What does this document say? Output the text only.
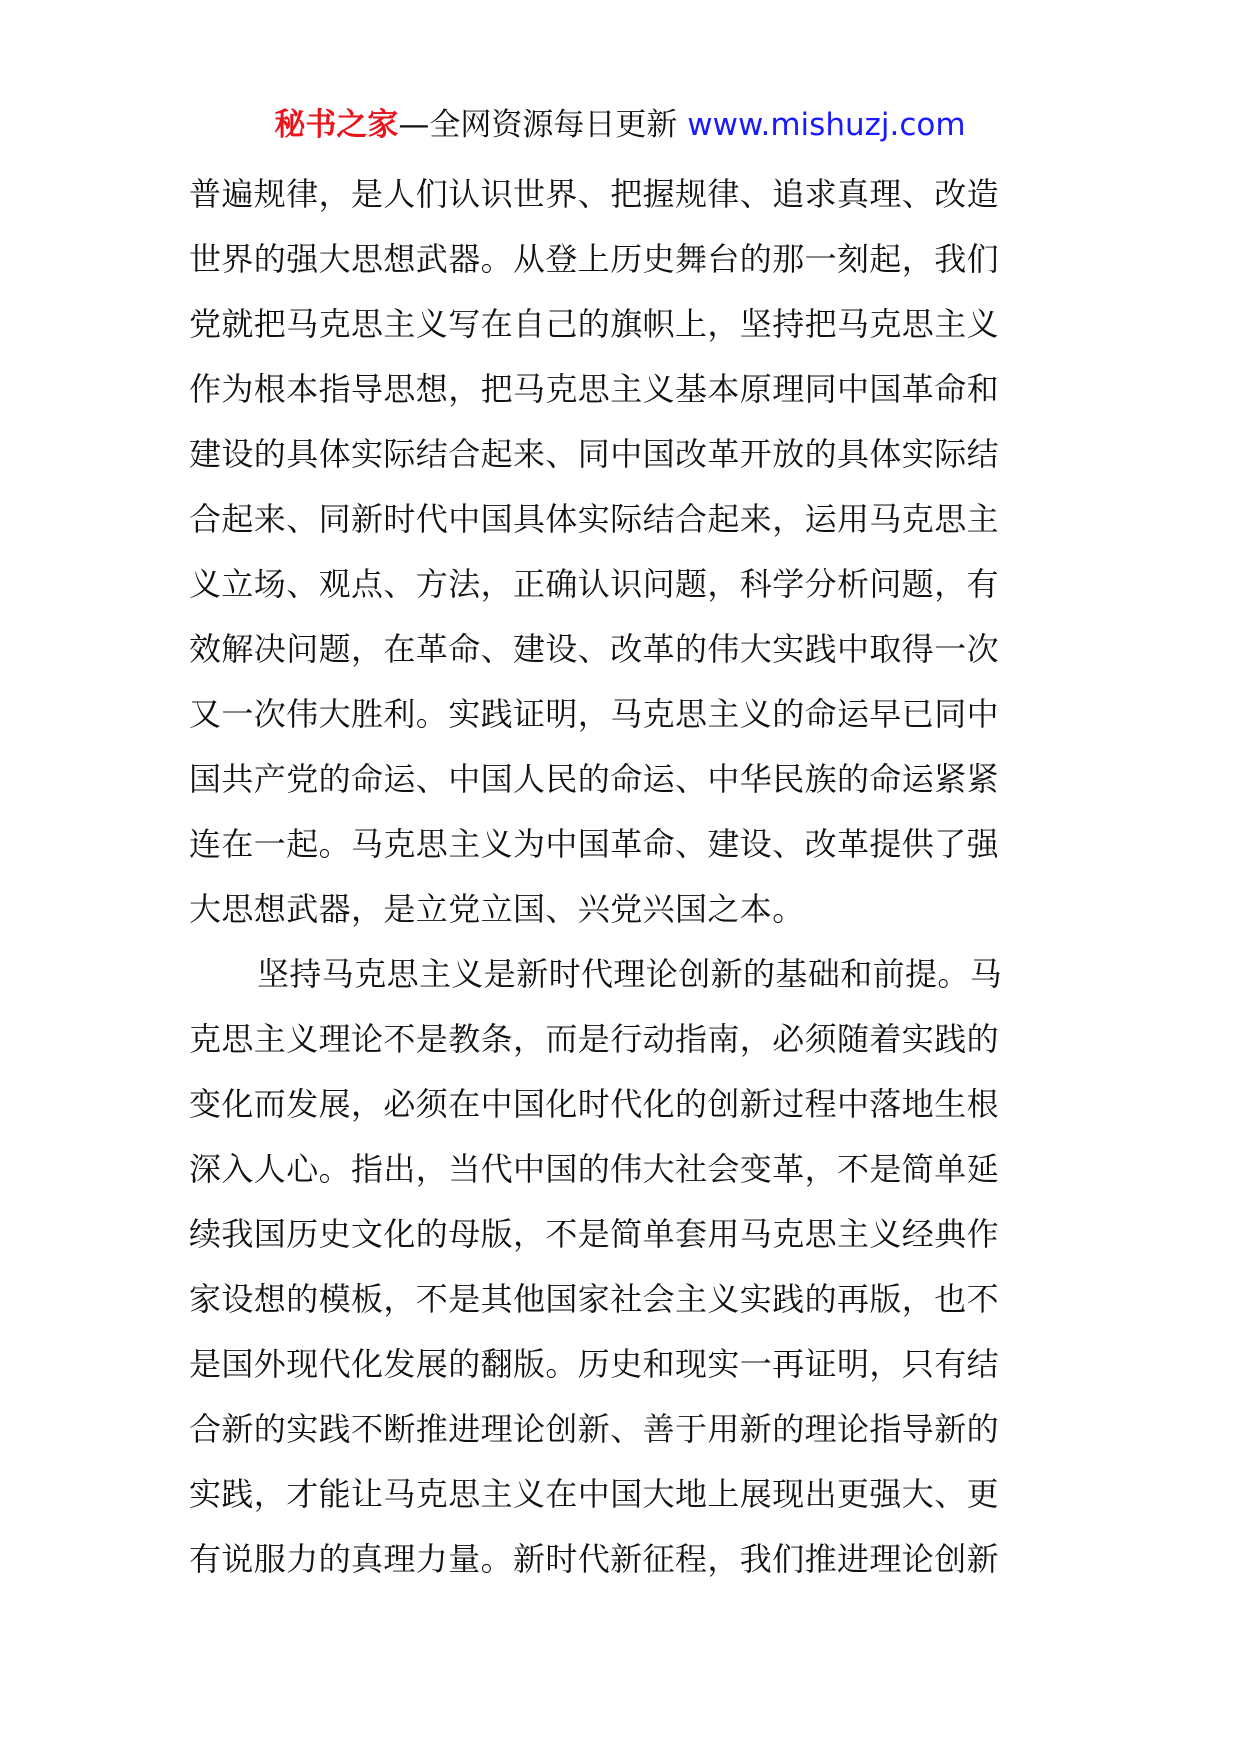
秘书之家—全网资源每日更新 www.mishuzj.com
普遍规律，是人们认识世界、把握规律、追求真理、改造
世界的强大思想武器。从登上历史舞台的那一刻起，我们
党就把马克思主义写在自己的旗帜上，坚持把马克思主义
作为根本指导思想，把马克思主义基本原理同中国革命和
建设的具体实际结合起来、同中国改革开放的具体实际结
合起来、同新时代中国具体实际结合起来，运用马克思主
义立场、观点、方法，正确认识问题，科学分析问题，有
效解决问题，在革命、建设、改革的伟大实践中取得一次
又一次伟大胜利。实践证明，马克思主义的命运早已同中
国共产党的命运、中国人民的命运、中华民族的命运紧紧
连在一起。马克思主义为中国革命、建设、改革提供了强
大思想武器，是立党立国、兴党兴国之本。
坚持马克思主义是新时代理论创新的基础和前提。马
克思主义理论不是教条，而是行动指南，必须随着实践的
变化而发展，必须在中国化时代化的创新过程中落地生根
深入人心。指出，当代中国的伟大社会变革，不是简单延
续我国历史文化的母版，不是简单套用马克思主义经典作
家设想的模板，不是其他国家社会主义实践的再版，也不
是国外现代化发展的翻版。历史和现实一再证明，只有结
合新的实践不断推进理论创新、善于用新的理论指导新的
实践，才能让马克思主义在中国大地上展现出更强大、更
有说服力的真理力量。新时代新征程，我们推进理论创新
